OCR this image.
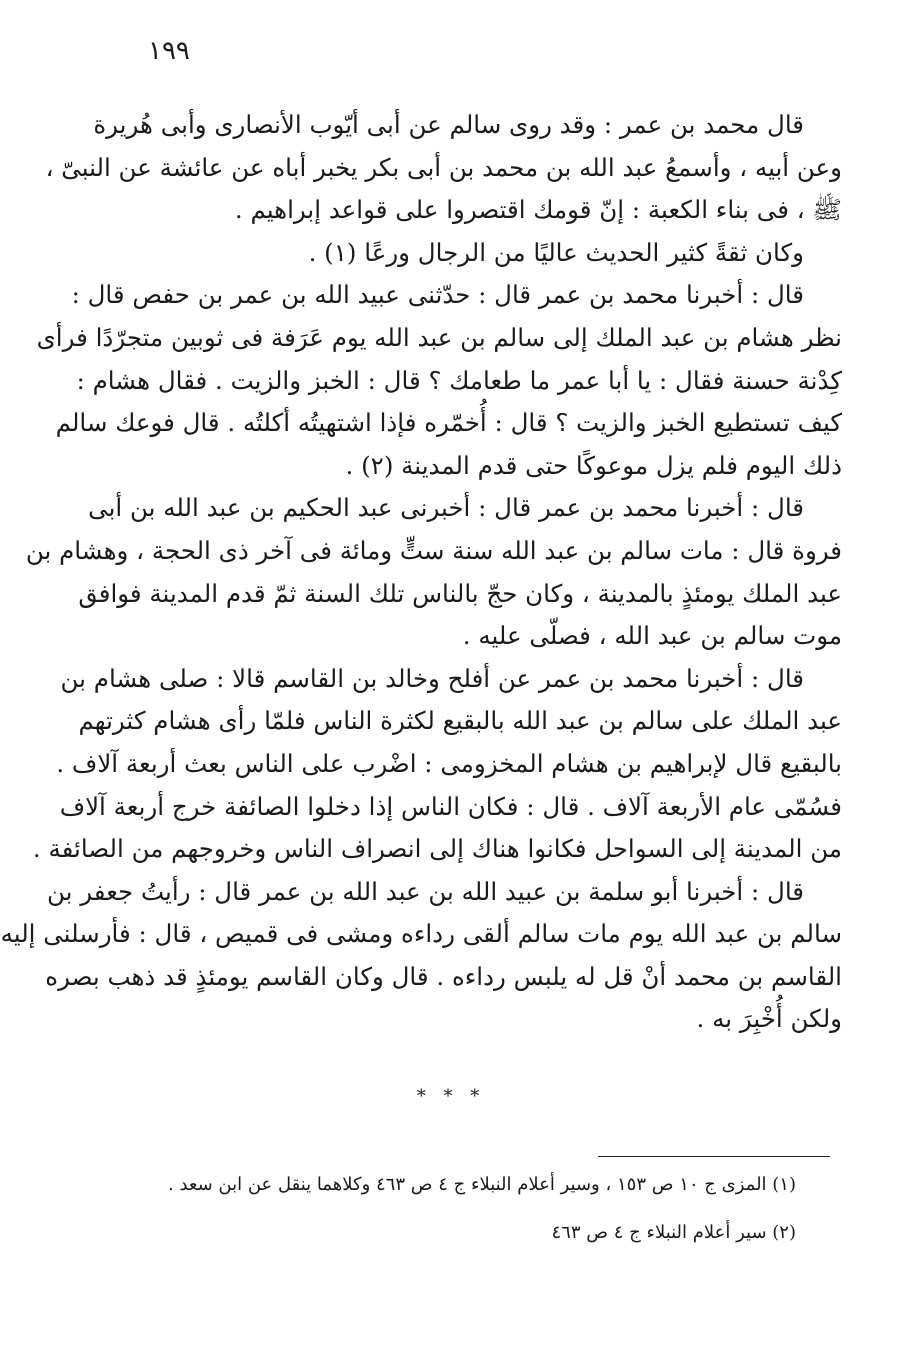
١٩٩
قال محمد بن عمر : وقد روى سالم عن أبى أيّوب الأنصارى وأبى هُريرة
وعن أبيه ، وأسمعُ عبد الله بن محمد بن أبى بكر يخبر أباه عن عائشة عن النبىّ ،
ﷺ ، فى بناء الكعبة : إنّ قومك اقتصروا على قواعد إبراهيم .
وكان ثقةً كثير الحديث عاليًا من الرجال ورعًا (١) .
قال : أخبرنا محمد بن عمر قال : حدّثنى عبيد الله بن عمر بن حفص قال :
نظر هشام بن عبد الملك إلى سالم بن عبد الله يوم عَرَفة فى ثوبين متجرّدًا فرأى
كِدْنة حسنة فقال : يا أبا عمر ما طعامك ؟ قال : الخبز والزيت . فقال هشام :
كيف تستطيع الخبز والزيت ؟ قال : أُخمّره فإذا اشتهيتُه أكلتُه . قال فوعك سالم
ذلك اليوم فلم يزل موعوكًا حتى قدم المدينة (٢) .
قال : أخبرنا محمد بن عمر قال : أخبرنى عبد الحكيم بن عبد الله بن أبى
فروة قال : مات سالم بن عبد الله سنة ستٍّ ومائة فى آخر ذى الحجة ، وهشام بن
عبد الملك يومئذٍ بالمدينة ، وكان حجّ بالناس تلك السنة ثمّ قدم المدينة فوافق
موت سالم بن عبد الله ، فصلّى عليه .
قال : أخبرنا محمد بن عمر عن أفلح وخالد بن القاسم قالا : صلى هشام بن
عبد الملك على سالم بن عبد الله بالبقيع لكثرة الناس فلمّا رأى هشام كثرتهم
بالبقيع قال لإبراهيم بن هشام المخزومى : اضْرب على الناس بعث أربعة آلاف .
فسُمّى عام الأربعة آلاف . قال : فكان الناس إذا دخلوا الصائفة خرج أربعة آلاف
من المدينة إلى السواحل فكانوا هناك إلى انصراف الناس وخروجهم من الصائفة .
قال : أخبرنا أبو سلمة بن عبيد الله بن عبد الله بن عمر قال : رأيتُ جعفر بن
سالم بن عبد الله يوم مات سالم ألقى رداءه ومشى فى قميص ، قال : فأرسلنى إليه
القاسم بن محمد أنْ قل له يلبس رداءه . قال وكان القاسم يومئذٍ قد ذهب بصره
ولكن أُخْبِرَ به .
* * *
(١) المزى ج ١٠ ص ١٥٣ ، وسير أعلام النبلاء ج ٤ ص ٤٦٣ وكلاهما ينقل عن ابن سعد .
(٢) سير أعلام النبلاء ج ٤ ص ٤٦٣
